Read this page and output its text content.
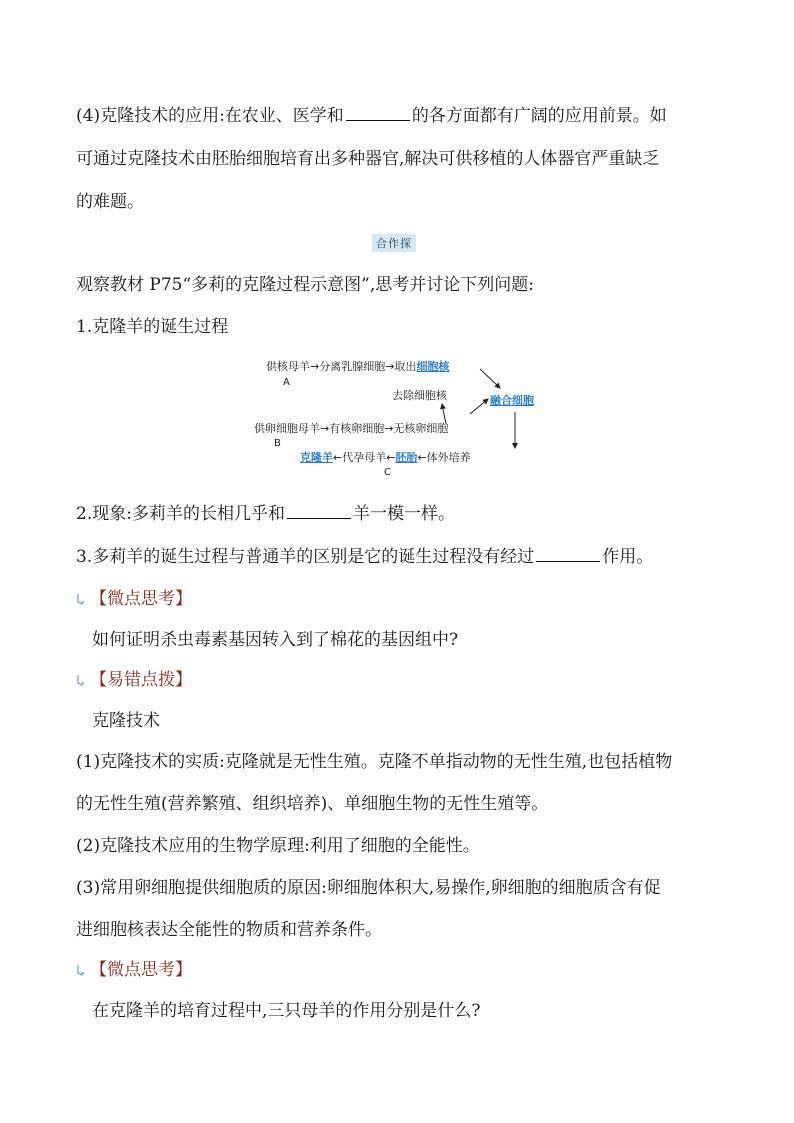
(4)克隆技术的应用:在农业、医学和	的各方面都有广阔的应用前景。如
可通过克隆技术由胚胎细胞培育出多种器官,解决可供移植的人体器官严重缺乏
的难题。
合作探
观察教材 P75“多莉的克隆过程示意图”,思考并讨论下列问题:
1.克隆羊的诞生过程
供核母羊→分离乳腺细胞→取出细胞核
A
去除细胞核	融合细胞
供卵细胞母羊→有核卵细胞→无核卵细胞
B
克隆羊←代孕母羊←胚胎←体外培养
C
2.现象:多莉羊的长相几乎和	羊一模一样。
3.多莉羊的诞生过程与普通羊的区别是它的诞生过程没有经过	作用。
【微点思考】
如何证明杀虫毒素基因转入到了棉花的基因组中?
【易错点拨】
克隆技术
(1)克隆技术的实质:克隆就是无性生殖。克隆不单指动物的无性生殖,也包括植物
的无性生殖(营养繁殖、组织培养)、单细胞生物的无性生殖等。
(2)克隆技术应用的生物学原理:利用了细胞的全能性。
(3)常用卵细胞提供细胞质的原因:卵细胞体积大,易操作,卵细胞的细胞质含有促
进细胞核表达全能性的物质和营养条件。
【微点思考】
在克隆羊的培育过程中,三只母羊的作用分别是什么?
